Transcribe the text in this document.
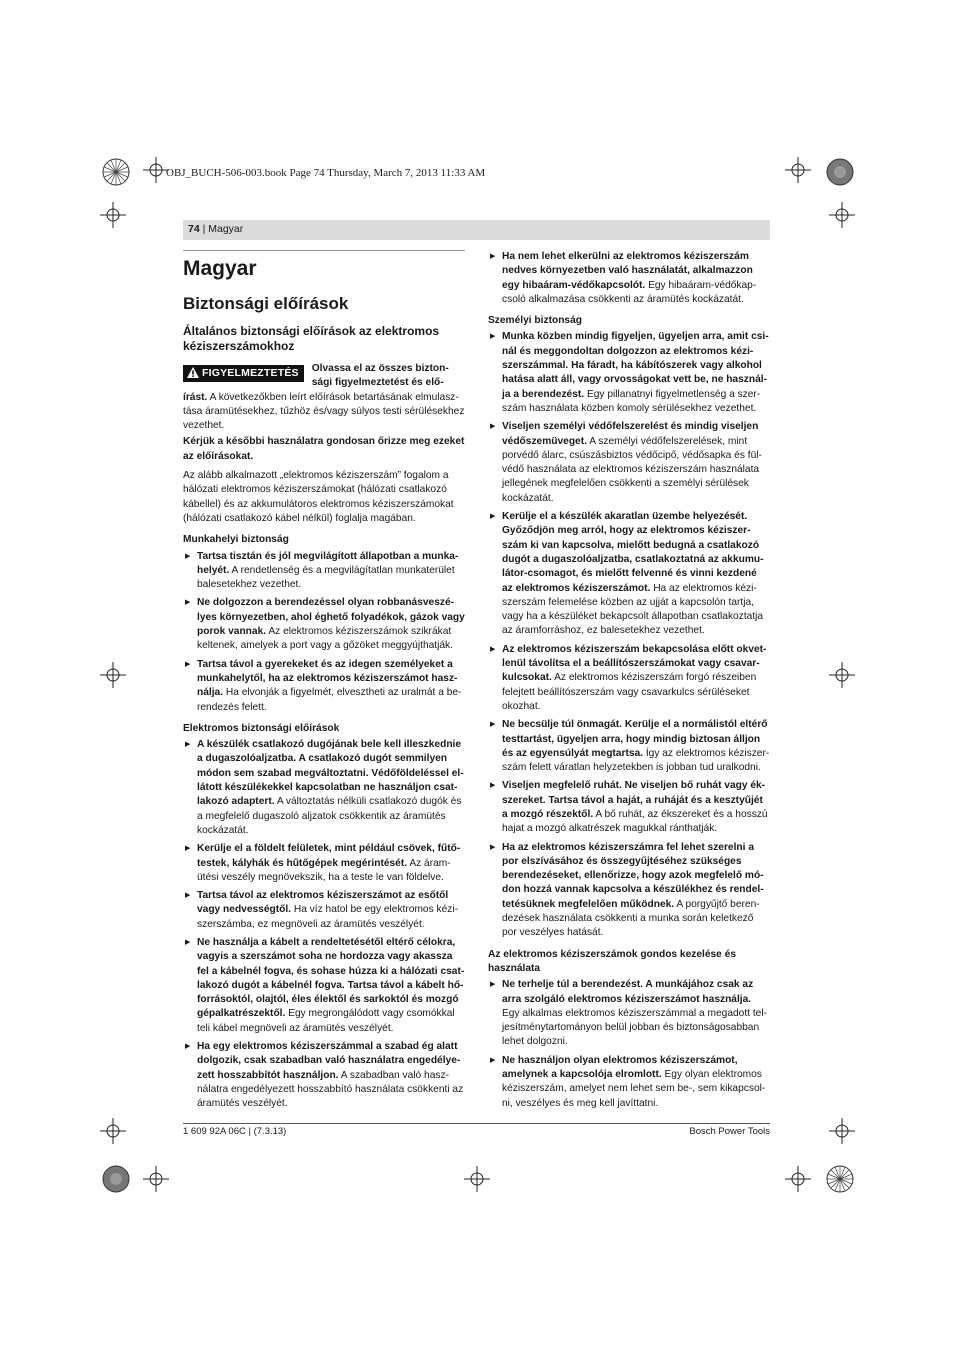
OBJ_BUCH-506-003.book Page 74 Thursday, March 7, 2013 11:33 AM
74 | Magyar
Magyar
Biztonsági előírások
Általános biztonsági előírások az elektromos kéziszerszámokhoz
FIGYELMEZTETÉS	Olvassa el az összes bizton-sági figyelmeztetést és elő-írást. A következőkben leírt előírások betartásának elmulasz-tása áramütésekhez, tűzhöz és/vagy súlyos testi sérülésekhez vezethet.

Kérjük a későbbi használatra gondosan őrizze meg ezeket az előírásokat.

Az alább alkalmazott „elektromos kéziszerszám” fogalom a hálózati elektromos kéziszerszámokat (hálózati csatlakozó kábellel) és az akkumulátoros elektromos kéziszerszámokat (hálózati csatlakozó kábel nélkül) foglalja magában.

Munkahelyi biztonság
▶ Tartsa tisztán és jól megvilágított állapotban a munka-helyét. A rendetlenség és a megvilágítatlan munkaterület balesetekhez vezethet.
▶ Ne dolgozzon a berendezéssel olyan robbanásveszé-lyes környezetben, ahol éghető folyadékok, gázok vagy porok vannak. Az elektromos kéziszerszámok szikrákat keltenek, amelyek a port vagy a gőzöket meggyújthatják.
▶ Tartsa távol a gyerekeket és az idegen személyeket a munkahelytől, ha az elektromos kéziszerszámot hasz-nálja. Ha elvonják a figyelmét, elvesztheti az uralmát a be-rendezés felett.
Elektromos biztonsági előírások
▶ A készülék csatlakozó dugójának bele kell illeszkednie a dugaszolóaljzatba. A csatlakozó dugót semmilyen módon sem szabad megváltoztatni. Védőföldeléssel el-látott készülékekkel kapcsolatban ne használjon csat-lakozó adaptert. A változtatás nélküli csatlakozó dugók és a megfelelő dugaszoló aljzatok csökkentik az áramütés kockázatát.
▶ Kerülje el a földelt felületek, mint például csövek, fűtő-testek, kályhák és hűtőgépek megérintését. Az áram-ütési veszély megnövekszik, ha a teste le van földelve.
▶ Tartsa távol az elektromos kéziszerszámot az esőtől vagy nedvességtől. Ha víz hatol be egy elektromos kézi-szerszámba, ez megnöveli az áramütés veszélyét.
▶ Ne használja a kábelt a rendeltetésétől eltérő célokra, vagyis a szerszámot soha ne hordozza vagy akassza fel a kábelnél fogva, és sohase húzza ki a hálózati csat-lakozó dugót a kábelnél fogva. Tartsa távol a kábelt hő-forrásoktól, olajtól, éles élektől és sarkoktól és mozgó gépalkatrészektől. Egy megrongálódott vagy csomókkal teli kábel megnöveli az áramütés veszélyét.
▶ Ha egy elektromos kéziszerszámmal a szabad ég alatt dolgozik, csak szabadban való használatra engedélye-zett hosszabbítót használjon. A szabadban való hasz-nálatra engedélyezett hosszabbító használata csökkenti az áramütés veszélyét.
▶ Ha nem lehet elkerülni az elektromos kéziszerszám nedves környezetben való használatát, alkalmazzon egy hibaáram-védőkapcsolót. Egy hibaáram-védőkap-csoló alkalmazása csökkenti az áramütés kockázatát.
Személyi biztonság
▶ Munka közben mindig figyeljen, ügyeljen arra, amit csi-nál és meggondoltan dolgozzon az elektromos kézi-szerszámmal. Ha fáradt, ha kábítószerek vagy alkohol hatása alatt áll, vagy orvosságokat vett be, ne használ-ja a berendezést. Egy pillanatnyi figyelmetlenség a szer-szám használata közben komoly sérülésekhez vezethet.
▶ Viseljen személyi védőfelszerelést és mindig viseljen védőszemüveget. A személyi védőfelszerelések, mint porvédő álarc, csúszásbiztos védőcipő, védősapka és fül-védő használata az elektromos kéziszerszám használata jellegének megfelelően csökkenti a személyi sérülések kockázatát.
▶ Kerülje el a készülék akaratlan üzembe helyezését. Győződjön meg arról, hogy az elektromos kéziszer-szám ki van kapcsolva, mielőtt bedugná a csatlakozó dugót a dugaszolóaljzatba, csatlakoztatná az akkumu-látor-csomagot, és mielőtt felvenné és vinni kezdené az elektromos kéziszerszámot. Ha az elektromos kézi-szerszám felemelése közben az ujját a kapcsolón tartja, vagy ha a készüléket bekapcsolt állapotban csatlakoztatja az áramforráshoz, ez balesetekhez vezethet.
▶ Az elektromos kéziszerszám bekapcsolása előtt okvet-lenül távolítsa el a beállítószerszámokat vagy csavar-kulcsokat. Az elektromos kéziszerszám forgó részeiben felejtett beállítószerszám vagy csavarkulcs sérüléseket okozhat.
▶ Ne becsülje túl önmagát. Kerülje el a normálistól eltérő testtartást, ügyeljen arra, hogy mindig biztosan álljon és az egyensúlyát megtartsa. Így az elektromos kéziszer-szám felett váratlan helyzetekben is jobban tud uralkodni.
▶ Viseljen megfelelő ruhát. Ne viseljen bő ruhát vagy ék-szereket. Tartsa távol a haját, a ruháját és a kesztyűjét a mozgó részektől. A bő ruhát, az ékszereket és a hosszú hajat a mozgó alkatrészek magukkal ránthatják.
▶ Ha az elektromos kéziszerszámra fel lehet szerelni a por elszívásához és összegyűjtéséhez szükséges berendezéseket, ellenőrizze, hogy azok megfelelő mó-don hozzá vannak kapcsolva a készülékhez és rendel-tetésüknek megfelelően működnek. A porgyűjtő beren-dezések használata csökkenti a munka során keletkező por veszélyes hatását.
Az elektromos kéziszerszámok gondos kezelése és használata
▶ Ne terhelje túl a berendezést. A munkájához csak az arra szolgáló elektromos kéziszerszámot használja. Egy alkalmas elektromos kéziszerszámmal a megadott tel-jesítménytartományon belül jobban és biztonságosabban lehet dolgozni.
▶ Ne használjon olyan elektromos kéziszerszámot, amelynek a kapcsolója elromlott. Egy olyan elektromos kéziszerszám, amelyet nem lehet sem be-, sem kikapcsol-ni, veszélyes és meg kell javíttatni.
1 609 92A 06C | (7.3.13)	Bosch Power Tools
